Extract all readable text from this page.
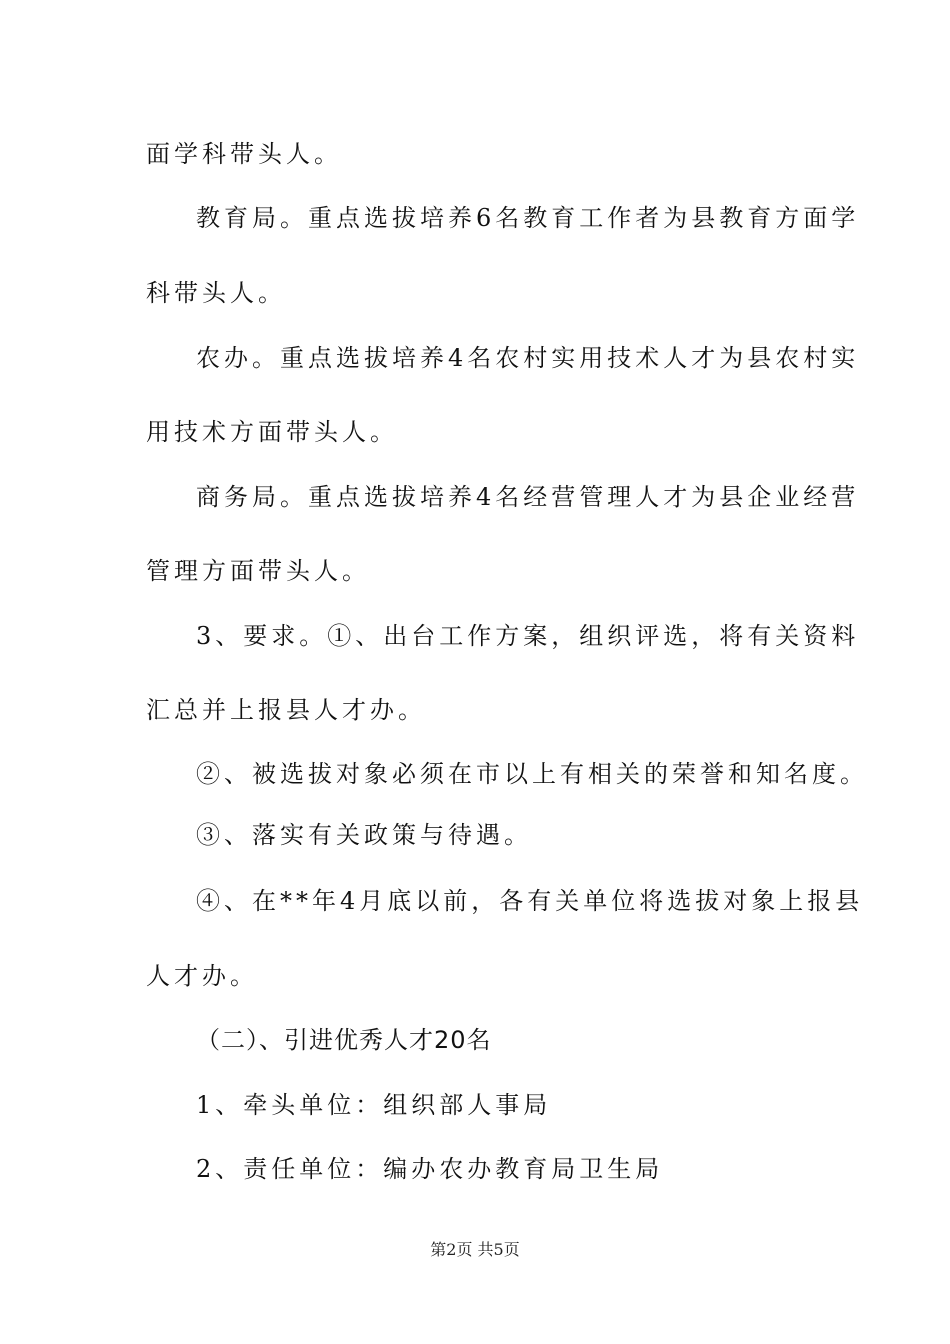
面学科带头人。
教育局。重点选拔培养6名教育工作者为县教育方面学
科带头人。
农办。重点选拔培养4名农村实用技术人才为县农村实
用技术方面带头人。
商务局。重点选拔培养4名经营管理人才为县企业经营
管理方面带头人。
3、要求。①、出台工作方案，组织评选，将有关资料
汇总并上报县人才办。
②、被选拔对象必须在市以上有相关的荣誉和知名度。
③、落实有关政策与待遇。
④、在**年4月底以前，各有关单位将选拔对象上报县
人才办。
（二）、引进优秀人才20名
1、牵头单位：组织部人事局
2、责任单位：编办农办教育局卫生局
第2页 共5页
